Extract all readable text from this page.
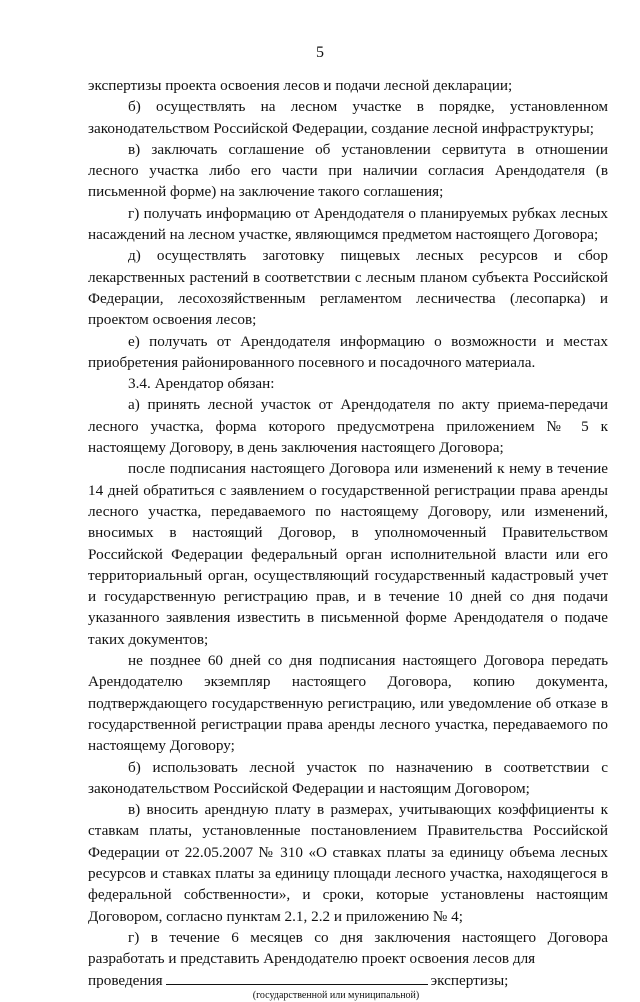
5

экспертизы проекта освоения лесов и подачи лесной декларации;

б) осуществлять на лесном участке в порядке, установленном законодательством Российской Федерации, создание лесной инфраструктуры;

в) заключать соглашение об установлении сервитута в отношении лесного участка либо его части при наличии согласия Арендодателя (в письменной форме) на заключение такого соглашения;

г) получать информацию от Арендодателя о планируемых рубках лесных насаждений на лесном участке, являющимся предметом настоящего Договора;

д) осуществлять заготовку пищевых лесных ресурсов и сбор лекарственных растений в соответствии с лесным планом субъекта Российской Федерации, лесохозяйственным регламентом лесничества (лесопарка) и проектом освоения лесов;

е) получать от Арендодателя информацию о возможности и местах приобретения районированного посевного и посадочного материала.

3.4. Арендатор обязан:

а) принять лесной участок от Арендодателя по акту приема-передачи лесного участка, форма которого предусмотрена приложением № 5 к настоящему Договору, в день заключения настоящего Договора;

после подписания настоящего Договора или изменений к нему в течение 14 дней обратиться с заявлением о государственной регистрации права аренды лесного участка, передаваемого по настоящему Договору, или изменений, вносимых в настоящий Договор, в уполномоченный Правительством Российской Федерации федеральный орган исполнительной власти или его территориальный орган, осуществляющий государственный кадастровый учет и государственную регистрацию прав, и в течение 10 дней со дня подачи указанного заявления известить в письменной форме Арендодателя о подаче таких документов;

не позднее 60 дней со дня подписания настоящего Договора передать Арендодателю экземпляр настоящего Договора, копию документа, подтверждающего государственную регистрацию, или уведомление об отказе в государственной регистрации права аренды лесного участка, передаваемого по настоящему Договору;

б) использовать лесной участок по назначению в соответствии с законодательством Российской Федерации и настоящим Договором;

в) вносить арендную плату в размерах, учитывающих коэффициенты к ставкам платы, установленные постановлением Правительства Российской Федерации от 22.05.2007 № 310 «О ставках платы за единицу объема лесных ресурсов и ставках платы за единицу площади лесного участка, находящегося в федеральной собственности», и сроки, которые установлены настоящим Договором, согласно пунктам 2.1, 2.2 и приложению № 4;

г) в течение 6 месяцев со дня заключения настоящего Договора разработать и представить Арендодателю проект освоения лесов для

проведения	экспертизы;

(государственной или муниципальной)
